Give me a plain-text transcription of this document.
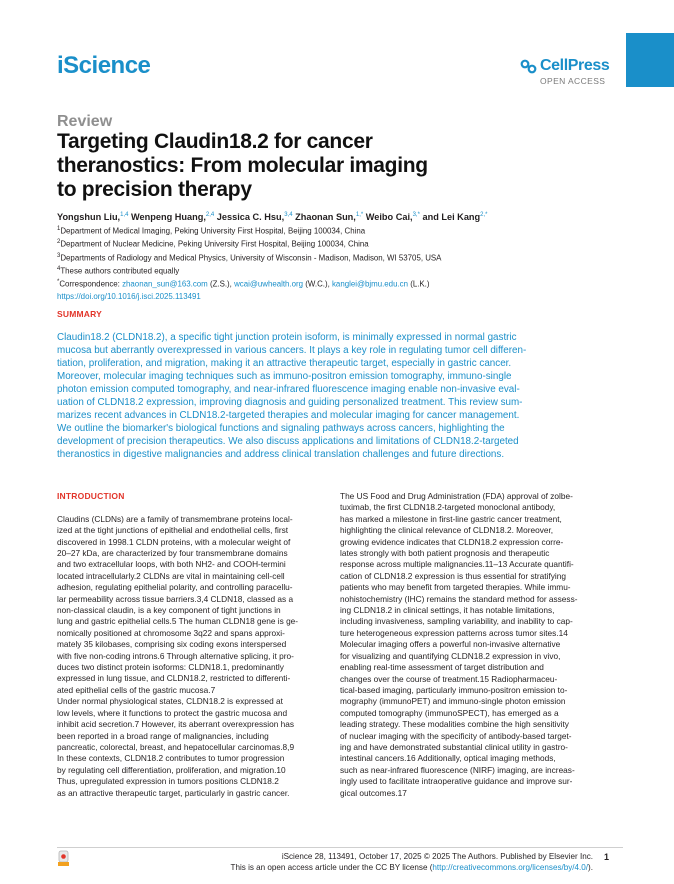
iScience	CellPress
OPEN ACCESS
Review
Targeting Claudin18.2 for cancer
theranostics: From molecular imaging
to precision therapy
Yongshun Liu,$^{1,4}$ Wenpeng Huang,$^{2,4}$ Jessica C. Hsu,$^{3,4}$ Zhaonan Sun,$^{1,*}$ Weibo Cai,$^{3,*}$ and Lei Kang$^{2,*}$
$^1$Department of Medical Imaging, Peking University First Hospital, Beijing 100034, China
$^2$Department of Nuclear Medicine, Peking University First Hospital, Beijing 100034, China
$^3$Departments of Radiology and Medical Physics, University of Wisconsin - Madison, Madison, WI 53705, USA
$^4$These authors contributed equally
*Correspondence: zhaonan_sun@163.com (Z.S.), wcai@uwhealth.org (W.C.), kanglei@bjmu.edu.cn (L.K.)
https://doi.org/10.1016/j.isci.2025.113491
SUMMARY
Claudin18.2 (CLDN18.2), a specific tight junction protein isoform, is minimally expressed in normal gastric
mucosa but aberrantly overexpressed in various cancers. It plays a key role in regulating tumor cell differen-
tiation, proliferation, and migration, making it an attractive therapeutic target, especially in gastric cancer.
Moreover, molecular imaging techniques such as immuno-positron emission tomography, immuno-single
photon emission computed tomography, and near-infrared fluorescence imaging enable non-invasive eval-
uation of CLDN18.2 expression, improving diagnosis and guiding personalized treatment. This review sum-
marizes recent advances in CLDN18.2-targeted therapies and molecular imaging for cancer management.
We outline the biomarker's biological functions and signaling pathways across cancers, highlighting the
development of precision therapeutics. We also discuss applications and limitations of CLDN18.2-targeted
theranostics in digestive malignancies and address clinical translation challenges and future directions.
INTRODUCTION
Claudins (CLDNs) are a family of transmembrane proteins local-
ized at the tight junctions of epithelial and endothelial cells, first
discovered in 1998.1 CLDN proteins, with a molecular weight of
20–27 kDa, are characterized by four transmembrane domains
and two extracellular loops, with both NH2- and COOH-termini
located intracellularly.2 CLDNs are vital in maintaining cell-cell
adhesion, regulating epithelial polarity, and controlling paracellu-
lar permeability across tissue barriers.3,4 CLDN18, classed as a
non-classical claudin, is a key component of tight junctions in
lung and gastric epithelial cells.5 The human CLDN18 gene is ge-
nomically positioned at chromosome 3q22 and spans approxi-
mately 35 kilobases, comprising six coding exons interspersed
with five non-coding introns.6 Through alternative splicing, it pro-
duces two distinct protein isoforms: CLDN18.1, predominantly
expressed in lung tissue, and CLDN18.2, restricted to differenti-
ated epithelial cells of the gastric mucosa.7
Under normal physiological states, CLDN18.2 is expressed at
low levels, where it functions to protect the gastric mucosa and
inhibit acid secretion.7 However, its aberrant overexpression has
been reported in a broad range of malignancies, including
pancreatic, colorectal, breast, and hepatocellular carcinomas.8,9
In these contexts, CLDN18.2 contributes to tumor progression
by regulating cell differentiation, proliferation, and migration.10
Thus, upregulated expression in tumors positions CLDN18.2
as an attractive therapeutic target, particularly in gastric cancer.
The US Food and Drug Administration (FDA) approval of zolbe-
tuximab, the first CLDN18.2-targeted monoclonal antibody,
has marked a milestone in first-line gastric cancer treatment,
highlighting the clinical relevance of CLDN18.2. Moreover,
growing evidence indicates that CLDN18.2 expression corre-
lates strongly with both patient prognosis and therapeutic
response across multiple malignancies.11–13 Accurate quantifi-
cation of CLDN18.2 expression is thus essential for stratifying
patients who may benefit from targeted therapies. While immu-
nohistochemistry (IHC) remains the standard method for assess-
ing CLDN18.2 in clinical settings, it has notable limitations,
including invasiveness, sampling variability, and inability to cap-
ture heterogeneous expression patterns across tumor sites.14
Molecular imaging offers a powerful non-invasive alternative
for visualizing and quantifying CLDN18.2 expression in vivo,
enabling real-time assessment of target distribution and
changes over the course of treatment.15 Radiopharmaceu-
tical-based imaging, particularly immuno-positron emission to-
mography (immunoPET) and immuno-single photon emission
computed tomography (immunoSPECT), has emerged as a
leading strategy. These modalities combine the high sensitivity
of nuclear imaging with the specificity of antibody-based target-
ing and have demonstrated substantial clinical utility in gastro-
intestinal cancers.16 Additionally, optical imaging methods,
such as near-infrared fluorescence (NIRF) imaging, are increas-
ingly used to facilitate intraoperative guidance and improve sur-
gical outcomes.17
iScience 28, 113491, October 17, 2025 © 2025 The Authors. Published by Elsevier Inc.
This is an open access article under the CC BY license (http://creativecommons.org/licenses/by/4.0/).
1
